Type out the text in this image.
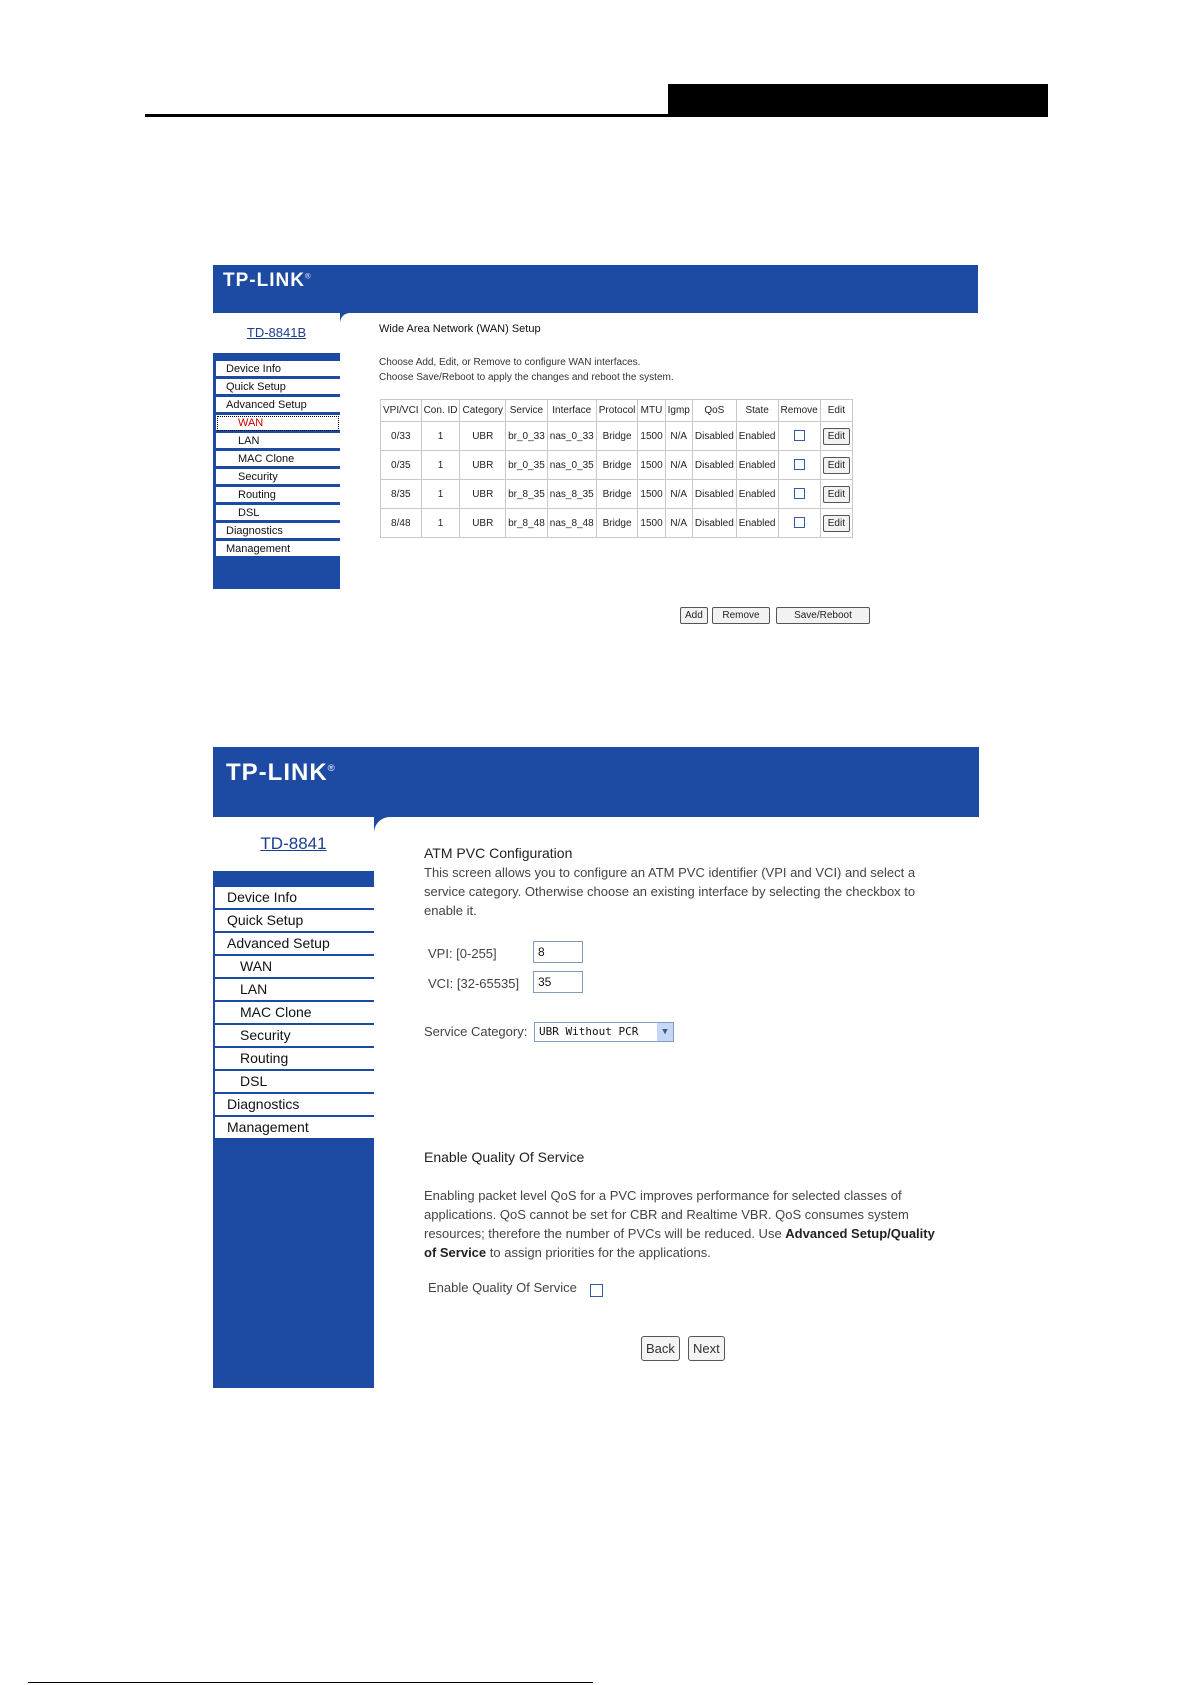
TP-LINK®
TD-8841B
Device Info
Quick Setup
Advanced Setup
WAN
LAN
MAC Clone
Security
Routing
DSL
Diagnostics
Management
Wide Area Network (WAN) Setup
Choose Add, Edit, or Remove to configure WAN interfaces.
Choose Save/Reboot to apply the changes and reboot the system.
VPI/VCI	Con. ID	Category	Service	Interface	Protocol	MTU	Igmp	QoS	State	Remove	Edit
0/33	1	UBR	br_0_33	nas_0_33	Bridge	1500	N/A	Disabled	Enabled		Edit
0/35	1	UBR	br_0_35	nas_0_35	Bridge	1500	N/A	Disabled	Enabled		Edit
8/35	1	UBR	br_8_35	nas_8_35	Bridge	1500	N/A	Disabled	Enabled		Edit
8/48	1	UBR	br_8_48	nas_8_48	Bridge	1500	N/A	Disabled	Enabled		Edit
Add	Remove	Save/Reboot
TP-LINK®
TD-8841
Device Info
Quick Setup
Advanced Setup
WAN
LAN
MAC Clone
Security
Routing
DSL
Diagnostics
Management
ATM PVC Configuration
This screen allows you to configure an ATM PVC identifier (VPI and VCI) and select a service category. Otherwise choose an existing interface by selecting the checkbox to enable it.
VPI: [0-255]
8
VCI: [32-65535]
35
Service Category:	UBR Without PCR	▼
Enable Quality Of Service
Enabling packet level QoS for a PVC improves performance for selected classes of applications. QoS cannot be set for CBR and Realtime VBR. QoS consumes system resources; therefore the number of PVCs will be reduced. Use Advanced Setup/Quality of Service to assign priorities for the applications.
Enable Quality Of Service
Back	Next
